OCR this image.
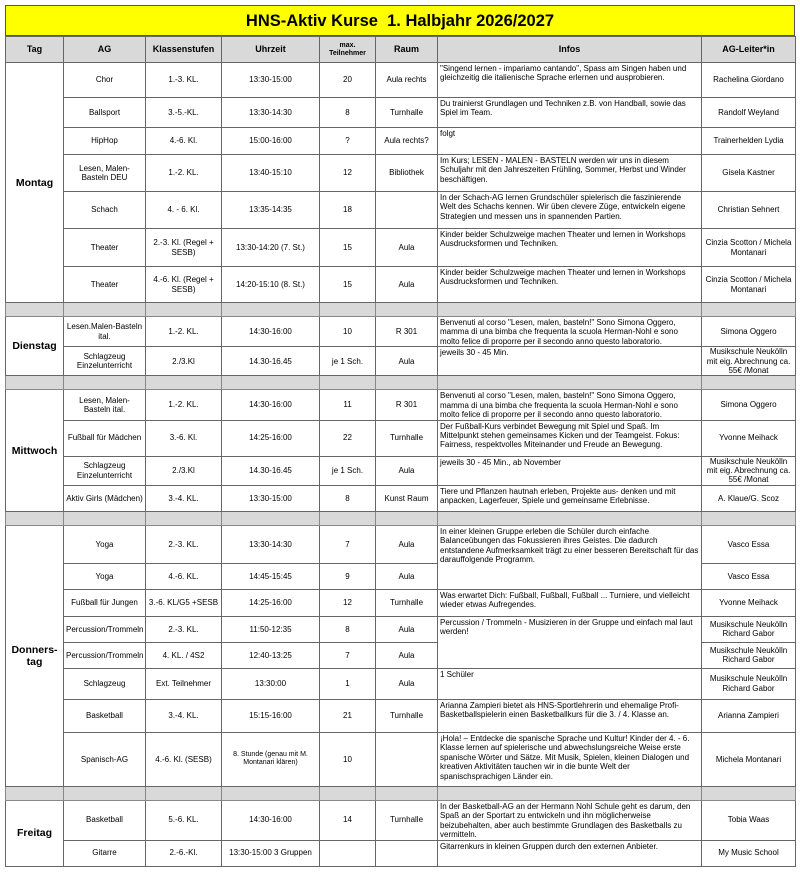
HNS-Aktiv Kurse  1. Halbjahr 2026/2027
Tag	AG	Klassenstufen	Uhrzeit	max. Teilnehmer	Raum	Infos	AG-Leiter*in
Montag	Chor	1.-3. KL.	13:30-15:00	20	Aula rechts	"Singend lernen - impariamo cantando", Spass am Singen haben und gleichzeitig die italienische Sprache erlernen und ausprobieren.	Rachelina Giordano
	Ballsport	3.-5.-KL.	13:30-14:30	8	Turnhalle	Du trainierst Grundlagen und Techniken z.B. von Handball, sowie das Spiel im Team.	Randolf Weyland
	HipHop	4.-6. Kl.	15:00-16:00	?	Aula rechts?	folgt	Trainerhelden Lydia
	Lesen, Malen-Basteln DEU	1.-2. KL.	13:40-15:10	12	Bibliothek	Im Kurs; LESEN - MALEN - BASTELN werden wir uns in diesem Schuljahr mit den Jahreszeiten Frühling, Sommer, Herbst und Winder beschäftigen.	Gisela Kastner
	Schach	4. - 6. Kl.	13:35-14:35	18		In der Schach-AG lernen Grundschüler spielerisch die faszinierende Welt des Schachs kennen. Wir üben clevere Züge, entwickeln eigene Strategien und messen uns in spannenden Partien.	Christian Sehnert
	Theater	2.-3. Kl. (Regel + SESB)	13:30-14:20 (7. St.)	15	Aula	Kinder beider Schulzweige machen Theater und lernen in Workshops Ausdrucksformen und Techniken.	Cinzia Scotton / Michela Montanari
	Theater	4.-6. Kl. (Regel + SESB)	14:20-15:10 (8. St.)	15	Aula	Kinder beider Schulzweige machen Theater und lernen in Workshops Ausdrucksformen und Techniken.	Cinzia Scotton / Michela Montanari

Dienstag	Lesen.Malen-Basteln ital.	1.-2. KL.	14:30-16:00	10	R 301	Benvenuti al corso "Lesen, malen, basteln!" Sono Simona Oggero, mamma di una bimba che frequenta la scuola Herman-Nohl e sono molto felice di proporre per il secondo anno questo laboratorio.	Simona Oggero
	Schlagzeug Einzelunterricht	2./3.Kl	14.30-16.45	je 1 Sch.	Aula	jeweils 30 - 45 Min.	Musikschule Neukölln mit eig. Abrechnung ca. 55€ /Monat

Mittwoch	Lesen, Malen-Basteln ital.	1.-2. KL.	14:30-16:00	11	R 301	Benvenuti al corso "Lesen, malen, basteln!" Sono Simona Oggero, mamma di una bimba che frequenta la scuola Herman-Nohl e sono molto felice di proporre per il secondo anno questo laboratorio.	Simona Oggero
	Fußball für Mädchen	3.-6. Kl.	14:25-16:00	22	Turnhalle	Der Fußball-Kurs verbindet Bewegung mit Spiel und Spaß. Im Mittelpunkt stehen gemeinsames Kicken und der Teamgeist. Fokus: Fairness, respektvolles Miteinander und Freude an Bewegung.	Yvonne Meihack
	Schlagzeug Einzelunterricht	2./3.Kl	14.30-16.45	je 1 Sch.	Aula	jeweils 30 - 45 Min., ab November	Musikschule Neukölln mit eig. Abrechnung ca. 55€ /Monat
	Aktiv Girls (Mädchen)	3.-4. KL.	13:30-15:00	8	Kunst Raum	Tiere und Pflanzen hautnah erleben, Projekte aus- denken und mit anpacken, Lagerfeuer, Spiele und gemeinsame Erlebnisse.	A. Klaue/G. Scoz

Donners-tag	Yoga	2.-3. KL.	13:30-14:30	7	Aula	In einer kleinen Gruppe erleben die Schüler durch einfache Balanceübungen das Fokussieren ihres Geistes. Die dadurch entstandene Aufmerksamkeit trägt zu einer besseren Bereitschaft für das darauffolgende Programm.	Vasco Essa
	Yoga	4.-6. KL.	14:45-15:45	9	Aula		Vasco Essa
	Fußball für Jungen	3.-6. KL/G5 +SESB	14:25-16:00	12	Turnhalle	Was erwartet Dich: Fußball, Fußball, Fußball ... Turniere, und vielleicht wieder etwas Aufregendes.	Yvonne Meihack
	Percussion/Trommeln	2.-3. KL.	11:50-12:35	8	Aula	Percussion / Trommeln - Musizieren in der Gruppe und einfach mal laut werden!	Musikschule Neukölln Richard Gabor
	Percussion/Trommeln	4. KL. / 4S2	12:40-13:25	7	Aula		Musikschule Neukölln Richard Gabor
	Schlagzeug	Ext. Teilnehmer	13:30:00	1	Aula	1 Schüler	Musikschule Neukölln Richard Gabor
	Basketball	3.-4. KL.	15:15-16:00	21	Turnhalle	Arianna Zampieri bietet als HNS-Sportlehrerin und ehemalige Profi-Basketballspielerin einen Basketballkurs für die 3. / 4. Klasse an.	Arianna Zampieri
	Spanisch-AG	4.-6. Kl. (SESB)	8. Stunde (genau mit M. Montanari klären)	10		¡Hola! – Entdecke die spanische Sprache und Kultur! Kinder der 4. - 6. Klasse lernen auf spielerische und abwechslungsreiche Weise erste spanische Wörter und Sätze. Mit Musik, Spielen, kleinen Dialogen und kreativen Aktivitäten tauchen wir in die bunte Welt der spanischsprachigen Länder ein.	Michela Montanari

Freitag	Basketball	5.-6. KL.	14:30-16:00	14	Turnhalle	In der Basketball-AG an der Hermann Nohl Schule geht es darum, den Spaß an der Sportart zu entwickeln und ihn möglicherweise beizubehalten, aber auch bestimmte Grundlagen des Basketballs zu vermitteln.	Tobia Waas
	Gitarre	2.-6.-Kl.	13:30-15:00 3 Gruppen			Gitarrenkurs in kleinen Gruppen durch den externen Anbieter.	My Music School
